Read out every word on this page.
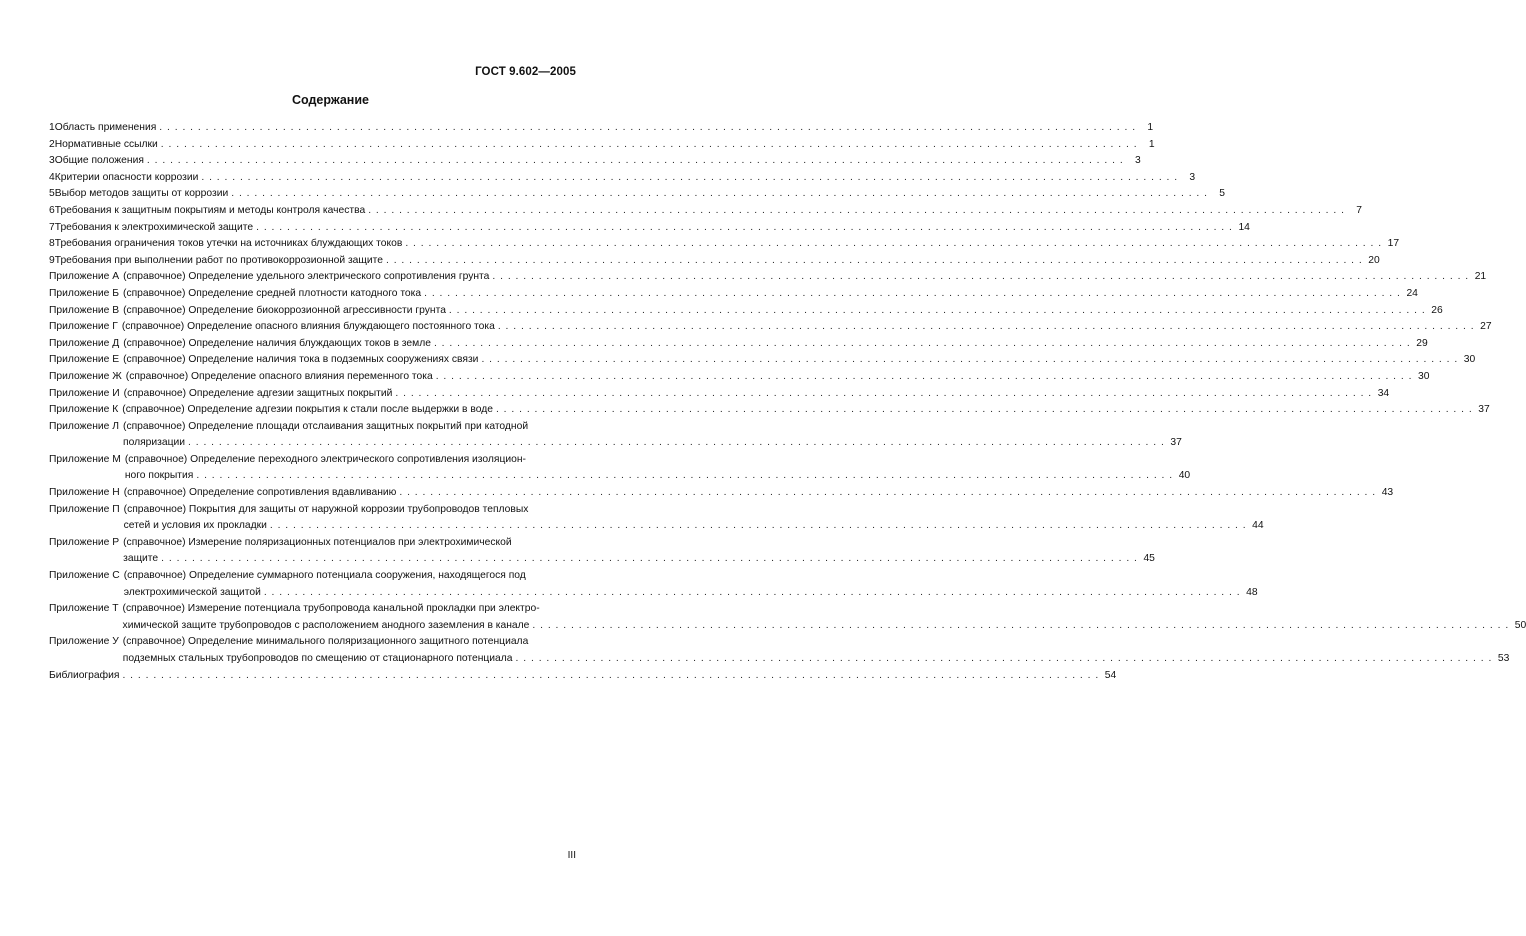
ГОСТ 9.602—2005
Содержание
1 Область применения . . .	1
2 Нормативные ссылки . . .	1
3 Общие положения . . .	3
4 Критерии опасности коррозии . . .	3
5 Выбор методов защиты от коррозии . . .	5
6 Требования к защитным покрытиям и методы контроля качества . . .	7
7 Требования к электрохимической защите . . .	14
8 Требования ограничения токов утечки на источниках блуждающих токов . . .	17
9 Требования при выполнении работ по противокоррозионной защите . . .	20
Приложение А (справочное) Определение удельного электрического сопротивления грунта . . .	21
Приложение Б (справочное) Определение средней плотности катодного тока . . .	24
Приложение В (справочное) Определение биокоррозионной агрессивности грунта . . .	26
Приложение Г (справочное) Определение опасного влияния блуждающего постоянного тока . . .	27
Приложение Д (справочное) Определение наличия блуждающих токов в земле . . .	29
Приложение Е (справочное) Определение наличия тока в подземных сооружениях связи . . .	30
Приложение Ж (справочное) Определение опасного влияния переменного тока . . .	30
Приложение И (справочное) Определение адгезии защитных покрытий . . .	34
Приложение К (справочное) Определение адгезии покрытия к стали после выдержки в воде . . .	37
Приложение Л (справочное) Определение площади отслаивания защитных покрытий при катодной
поляризации . . .	37
Приложение М (справочное) Определение переходного электрического сопротивления изоляцион-
ного покрытия . . .	40
Приложение Н (справочное) Определение сопротивления вдавливанию . . .	43
Приложение П (справочное) Покрытия для защиты от наружной коррозии трубопроводов тепловых
сетей и условия их прокладки . . .	44
Приложение Р (справочное) Измерение поляризационных потенциалов при электрохимической
защите . . .	45
Приложение С (справочное) Определение суммарного потенциала сооружения, находящегося под
электрохимической защитой . . .	48
Приложение Т (справочное) Измерение потенциала трубопровода канальной прокладки при электро-
химической защите трубопроводов с расположением анодного заземления в канале . . .	50
Приложение У (справочное) Определение минимального поляризационного защитного потенциала
подземных стальных трубопроводов по смещению от стационарного потенциала . . .	53
Библиография . . .	54
III
